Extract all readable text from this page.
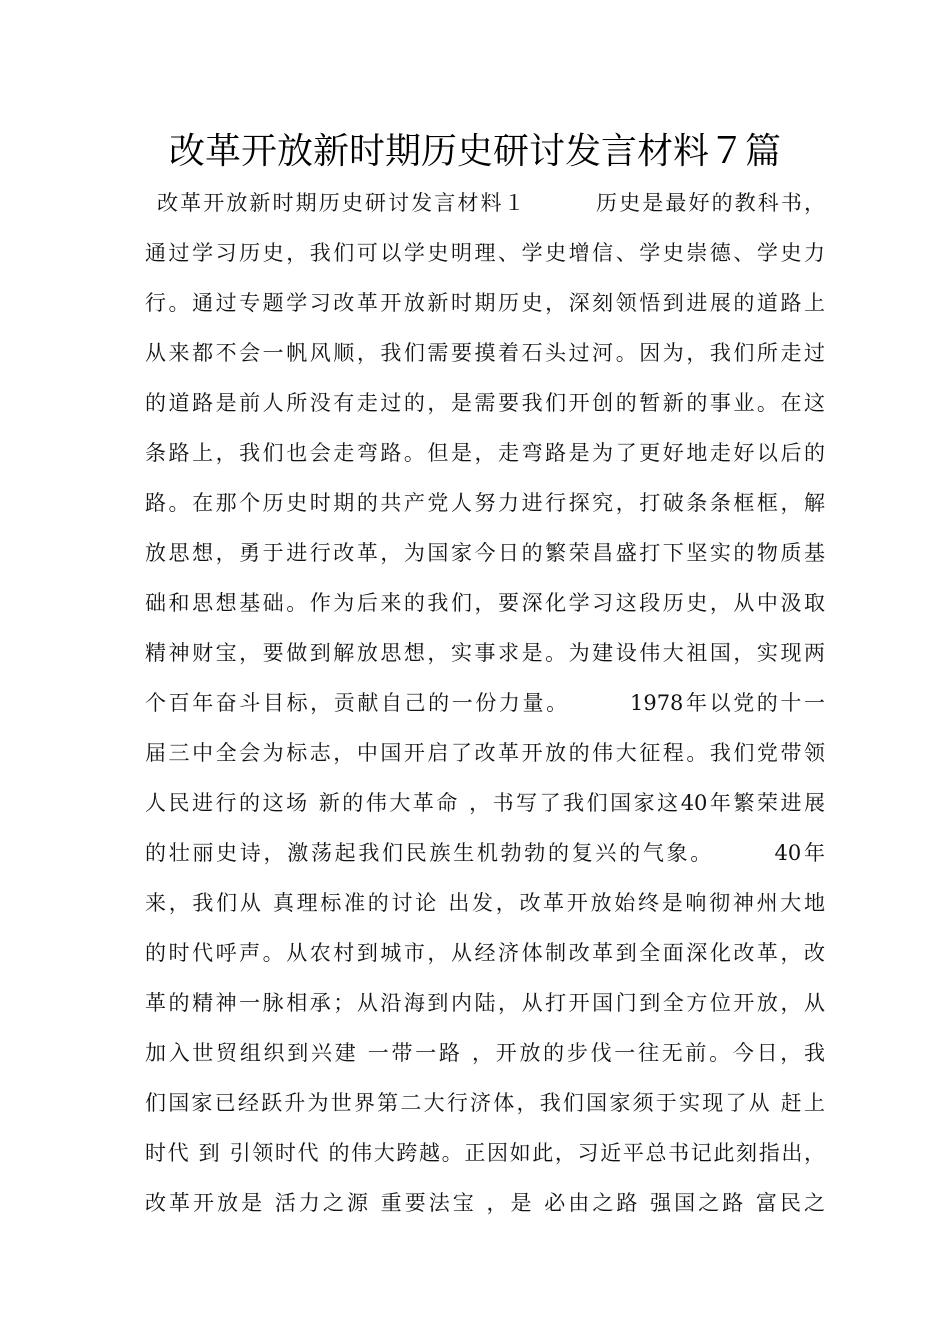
改革开放新时期历史研讨发言材料７篇
改革开放新时期历史研讨发言材料１　　　历史是最好的教科书，
通过学习历史，我们可以学史明理、学史增信、学史崇德、学史力
行。通过专题学习改革开放新时期历史，深刻领悟到进展的道路上
从来都不会一帆风顺，我们需要摸着石头过河。因为，我们所走过
的道路是前人所没有走过的，是需要我们开创的暂新的事业。在这
条路上，我们也会走弯路。但是，走弯路是为了更好地走好以后的
路。在那个历史时期的共产党人努力进行探究，打破条条框框，解
放思想，勇于进行改革，为国家今日的繁荣昌盛打下坚实的物质基
础和思想基础。作为后来的我们，要深化学习这段历史，从中汲取
精神财宝，要做到解放思想，实事求是。为建设伟大祖国，实现两
个百年奋斗目标，贡献自己的一份力量。　　　1978年以党的十一
届三中全会为标志，中国开启了改革开放的伟大征程。我们党带领
人民进行的这场 新的伟大革命 ，书写了我们国家这40年繁荣进展
的壮丽史诗，激荡起我们民族生机勃勃的复兴的气象。　　　40年
来，我们从 真理标准的讨论 出发，改革开放始终是响彻神州大地
的时代呼声。从农村到城市，从经济体制改革到全面深化改革，改
革的精神一脉相承；从沿海到内陆，从打开国门到全方位开放，从
加入世贸组织到兴建 一带一路 ，开放的步伐一往无前。今日，我
们国家已经跃升为世界第二大行济体，我们国家须于实现了从 赶上
时代 到 引领时代 的伟大跨越。正因如此，习近平总书记此刻指出，
改革开放是 活力之源 重要法宝 ，是 必由之路 强国之路 富民之
